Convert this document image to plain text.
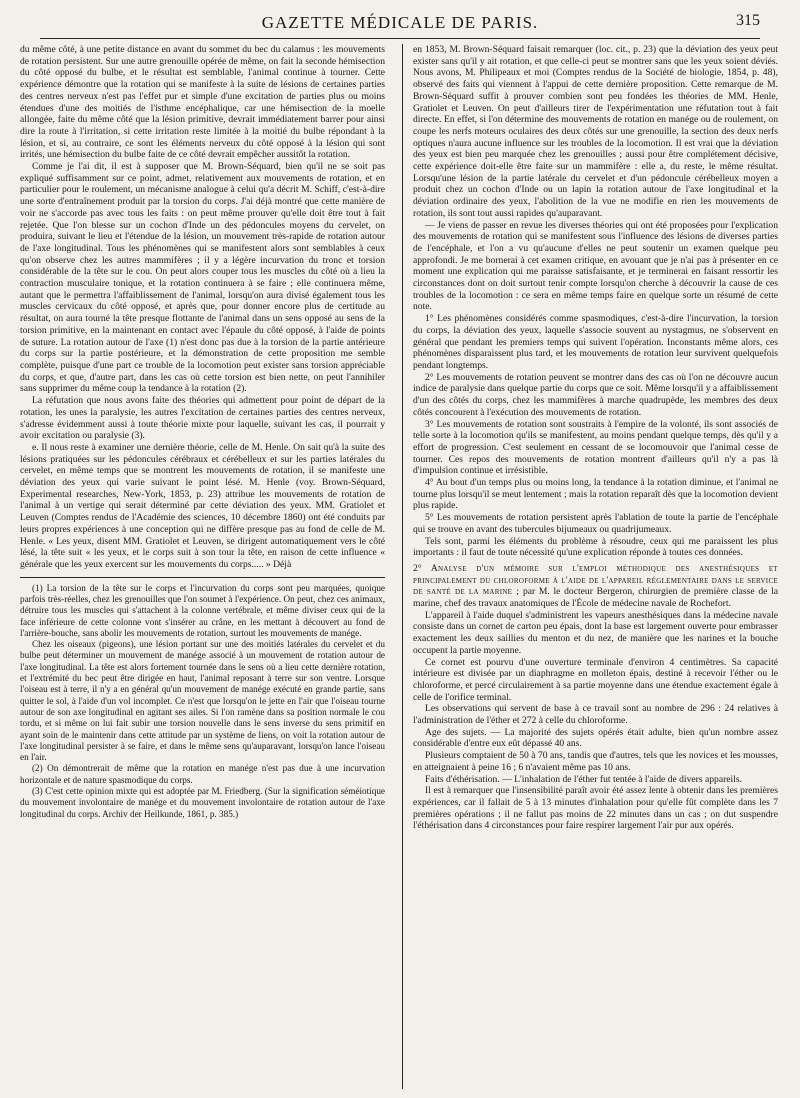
GAZETTE MÉDICALE DE PARIS.	315

du même côté, à une petite distance en avant du sommet du bec du calamus : les mouvements de rotation persistent. Sur une autre grenouille opérée de même, on fait la seconde hémisection du côté opposé du bulbe, et le résultat est semblable, l'animal continue à tourner. Cette expérience démontre que la rotation qui se manifeste à la suite de lésions de certaines parties des centres nerveux n'est pas l'effet pur et simple d'une excitation de parties plus ou moins étendues d'une des moitiés de l'isthme encéphalique, car une hémisection de la moelle allongée, faite du même côté que la lésion primitive, devrait immédiatement barrer pour ainsi dire la route à l'irritation, si cette irritation reste limitée à la moitié du bulbe répondant à la lésion, et si, au contraire, ce sont les éléments nerveux du côté opposé à la lésion qui sont irrités, une hémisection du bulbe faite de ce côté devrait empêcher aussitôt la rotation.

Comme je l'ai dit, il est à supposer que M. Brown-Séquard, bien qu'il ne se soit pas expliqué suffisamment sur ce point, admet, relativement aux mouvements de rotation, et en particulier pour le roulement, un mécanisme analogue à celui qu'a décrit M. Schiff, c'est-à-dire une sorte d'entraînement produit par la torsion du corps. J'ai déjà montré que cette manière de voir ne s'accorde pas avec tous les faits : on peut même prouver qu'elle doit être tout à fait rejetée. Que l'on blesse sur un cochon d'Inde un des pédoncules moyens du cervelet, on produira, suivant le lieu et l'étendue de la lésion, un mouvement très-rapide de rotation autour de l'axe longitudinal. Tous les phénomènes qui se manifestent alors sont semblables à ceux qu'on observe chez les autres mammifères ; il y a légère incurvation du tronc et torsion considérable de la tête sur le cou. On peut alors couper tous les muscles du côté où a lieu la contraction musculaire tonique, et la rotation continuera à se faire ; elle continuera même, autant que le permettra l'affaiblissement de l'animal, lorsqu'on aura divisé également tous les muscles cervicaux du côté opposé, et après que, pour donner encore plus de certitude au résultat, on aura tourné la tête presque flottante de l'animal dans un sens opposé au sens de la torsion primitive, en la maintenant en contact avec l'épaule du côté opposé, à l'aide de points de suture. La rotation autour de l'axe (1) n'est donc pas due à la torsion de la partie antérieure du corps sur la partie postérieure, et la démonstration de cette proposition me semble complète, puisque d'une part ce trouble de la locomotion peut exister sans torsion appréciable du corps, et que, d'autre part, dans les cas où cette torsion est bien nette, on peut l'annihiler sans supprimer du même coup la tendance à la rotation (2).

La réfutation que nous avons faite des théories qui admettent pour point de départ de la rotation, les unes la paralysie, les autres l'excitation de certaines parties des centres nerveux, s'adresse évidemment aussi à toute théorie mixte pour laquelle, suivant les cas, il pourrait y avoir excitation ou paralysie (3).

e. Il nous reste à examiner une dernière théorie, celle de M. Henle. On sait qu'à la suite des lésions pratiquées sur les pédoncules cérébraux et cérébelleux et sur les parties latérales du cervelet, en même temps que se montrent les mouvements de rotation, il se manifeste une déviation des yeux qui varie suivant le point lésé. M. Henle (voy. Brown-Séquard, Experimental researches, New-York, 1853, p. 23) attribue les mouvements de rotation de l'animal à un vertige qui serait déterminé par cette déviation des yeux. MM. Gratiolet et Leuven (Comptes rendus de l'Académie des sciences, 10 décembre 1860) ont été conduits par leurs propres expériences à une conception qui ne diffère presque pas au fond de celle de M. Henle. « Les yeux, disent MM. Gratiolet et Leuven, se dirigent automatiquement vers le côté lésé, la tête suit « les yeux, et le corps suit à son tour la tête, en raison de cette influence « générale que les yeux exercent sur les mouvements du corps..... » Déjà

(1) La torsion de la tête sur le corps et l'incurvation du corps sont peu marquées, quoique parfois très-réelles, chez les grenouilles que l'on soumet à l'expérience. On peut, chez ces animaux, détruire tous les muscles qui s'attachent à la colonne vertébrale, et même diviser ceux qui de la face inférieure de cette colonne vont s'insérer au crâne, en les mettant à découvert au fond de l'arrière-bouche, sans abolir les mouvements de rotation, surtout les mouvements de manége.

Chez les oiseaux (pigeons), une lésion portant sur une des moitiés latérales du cervelet et du bulbe peut déterminer un mouvement de manége associé à un mouvement de rotation autour de l'axe longitudinal. La tête est alors fortement tournée dans le sens où a lieu cette dernière rotation, et l'extrémité du bec peut être dirigée en haut, l'animal reposant à terre sur son ventre. Lorsque l'oiseau est à terre, il n'y a en général qu'un mouvement de manége exécuté en grande partie, sans quitter le sol, à l'aide d'un vol incomplet. Ce n'est que lorsqu'on le jette en l'air que l'oiseau tourne autour de son axe longitudinal en agitant ses ailes. Si l'on ramène dans sa position normale le cou tordu, et si même on lui fait subir une torsion nouvelle dans le sens inverse du sens primitif en ayant soin de le maintenir dans cette attitude par un système de liens, on voit la rotation autour de l'axe longitudinal persister à se faire, et dans le même sens qu'auparavant, lorsqu'on lance l'oiseau en l'air.

(2) On démontrerait de même que la rotation en manége n'est pas due à une incurvation horizontale et de nature spasmodique du corps.

(3) C'est cette opinion mixte qui est adoptée par M. Friedberg. (Sur la signification séméiotique du mouvement involontaire de manége et du mouvement involontaire de rotation autour de l'axe longitudinal du corps. Archiv der Heilkunde, 1861, p. 385.)

en 1853, M. Brown-Séquard faisait remarquer (loc. cit., p. 23) que la déviation des yeux peut exister sans qu'il y ait rotation, et que celle-ci peut se montrer sans que les yeux soient déviés. Nous avons, M. Philipeaux et moi (Comptes rendus de la Société de biologie, 1854, p. 48), observé des faits qui viennent à l'appui de cette dernière proposition. Cette remarque de M. Brown-Séquard suffit à prouver combien sont peu fondées les théories de MM. Henle, Gratiolet et Leuven. On peut d'ailleurs tirer de l'expérimentation une réfutation tout à fait directe. En effet, si l'on détermine des mouvements de rotation en manége ou de roulement, on coupe les nerfs moteurs oculaires des deux côtés sur une grenouille, la section des deux nerfs optiques n'aura aucune influence sur les troubles de la locomotion. Il est vrai que la déviation des yeux est bien peu marquée chez les grenouilles ; aussi pour être complétement décisive, cette expérience doit-elle être faite sur un mammifère : elle a, du reste, le même résultat. Lorsqu'une lésion de la partie latérale du cervelet et d'un pédoncule cérébelleux moyen a produit chez un cochon d'Inde ou un lapin la rotation autour de l'axe longitudinal et la déviation ordinaire des yeux, l'abolition de la vue ne modifie en rien les mouvements de rotation, ils sont tout aussi rapides qu'auparavant.

— Je viens de passer en revue les diverses théories qui ont été proposées pour l'explication des mouvements de rotation qui se manifestent sous l'influence des lésions de diverses parties de l'encéphale, et l'on a vu qu'aucune d'elles ne peut soutenir un examen quelque peu approfondi. Je me bornerai à cet examen critique, en avouant que je n'ai pas à présenter en ce moment une explication qui me paraisse satisfaisante, et je terminerai en faisant ressortir les circonstances dont on doit surtout tenir compte lorsqu'on cherche à découvrir la cause de ces troubles de la locomotion : ce sera en même temps faire en quelque sorte un résumé de cette note.

1° Les phénomènes considérés comme spasmodiques, c'est-à-dire l'incurvation, la torsion du corps, la déviation des yeux, laquelle s'associe souvent au nystagmus, ne s'observent en général que pendant les premiers temps qui suivent l'opération. Inconstants même alors, ces phénomènes disparaissent plus tard, et les mouvements de rotation leur survivent quelquefois pendant longtemps.

2° Les mouvements de rotation peuvent se montrer dans des cas où l'on ne découvre aucun indice de paralysie dans quelque partie du corps que ce soit. Même lorsqu'il y a affaiblissement d'un des côtés du corps, chez les mammifères à marche quadrupède, les membres des deux côtés concourent à l'exécution des mouvements de rotation.

3° Les mouvements de rotation sont soustraits à l'empire de la volonté, ils sont associés de telle sorte à la locomotion qu'ils se manifestent, au moins pendant quelque temps, dès qu'il y a effort de progression. C'est seulement en cessant de se locomouvoir que l'animal cesse de tourner. Ces repos des mouvements de rotation montrent d'ailleurs qu'il n'y a pas là d'impulsion continue et irrésistible.

4° Au bout d'un temps plus ou moins long, la tendance à la rotation diminue, et l'animal ne tourne plus lorsqu'il se meut lentement ; mais la rotation reparaît dès que la locomotion devient plus rapide.

5° Les mouvements de rotation persistent après l'ablation de toute la partie de l'encéphale qui se trouve en avant des tubercules bijumeaux ou quadrijumeaux.

Tels sont, parmi les éléments du problème à résoudre, ceux qui me paraissent les plus importants : il faut de toute nécessité qu'une explication réponde à toutes ces données.

2° Analyse d'un mémoire sur l'emploi méthodique des anesthésiques et principalement du chloroforme à l'aide de l'appareil réglementaire dans le service de santé de la marine ; par M. le docteur Bergeron, chirurgien de première classe de la marine, chef des travaux anatomiques de l'École de médecine navale de Rochefort.

L'appareil à l'aide duquel s'administrent les vapeurs anesthésiques dans la médecine navale consiste dans un cornet de carton peu épais, dont la base est largement ouverte pour embrasser exactement les deux saillies du menton et du nez, de manière que les narines et la bouche occupent la partie moyenne.

Ce cornet est pourvu d'une ouverture terminale d'environ 4 centimètres. Sa capacité intérieure est divisée par un diaphragme en molleton épais, destiné à recevoir l'éther ou le chloroforme, et percé circulairement à sa partie moyenne dans une étendue exactement égale à celle de l'orifice terminal.

Les observations qui servent de base à ce travail sont au nombre de 296 : 24 relatives à l'administration de l'éther et 272 à celle du chloroforme.

Age des sujets. — La majorité des sujets opérés était adulte, bien qu'un nombre assez considérable d'entre eux eût dépassé 40 ans.

Plusieurs comptaient de 50 à 70 ans, tandis que d'autres, tels que les novices et les mousses, en atteignaient à peine 16 ; 6 n'avaient même pas 10 ans.

Faits d'éthérisation. — L'inhalation de l'éther fut tentée à l'aide de divers appareils.

Il est à remarquer que l'insensibilité paraît avoir été assez lente à obtenir dans les premières expériences, car il fallait de 5 à 13 minutes d'inhalation pour qu'elle fût complète dans les 7 premières opérations ; il ne fallut pas moins de 22 minutes dans un cas ; on dut suspendre l'éthérisation dans 4 circonstances pour faire respirer largement l'air pur aux opérés.
